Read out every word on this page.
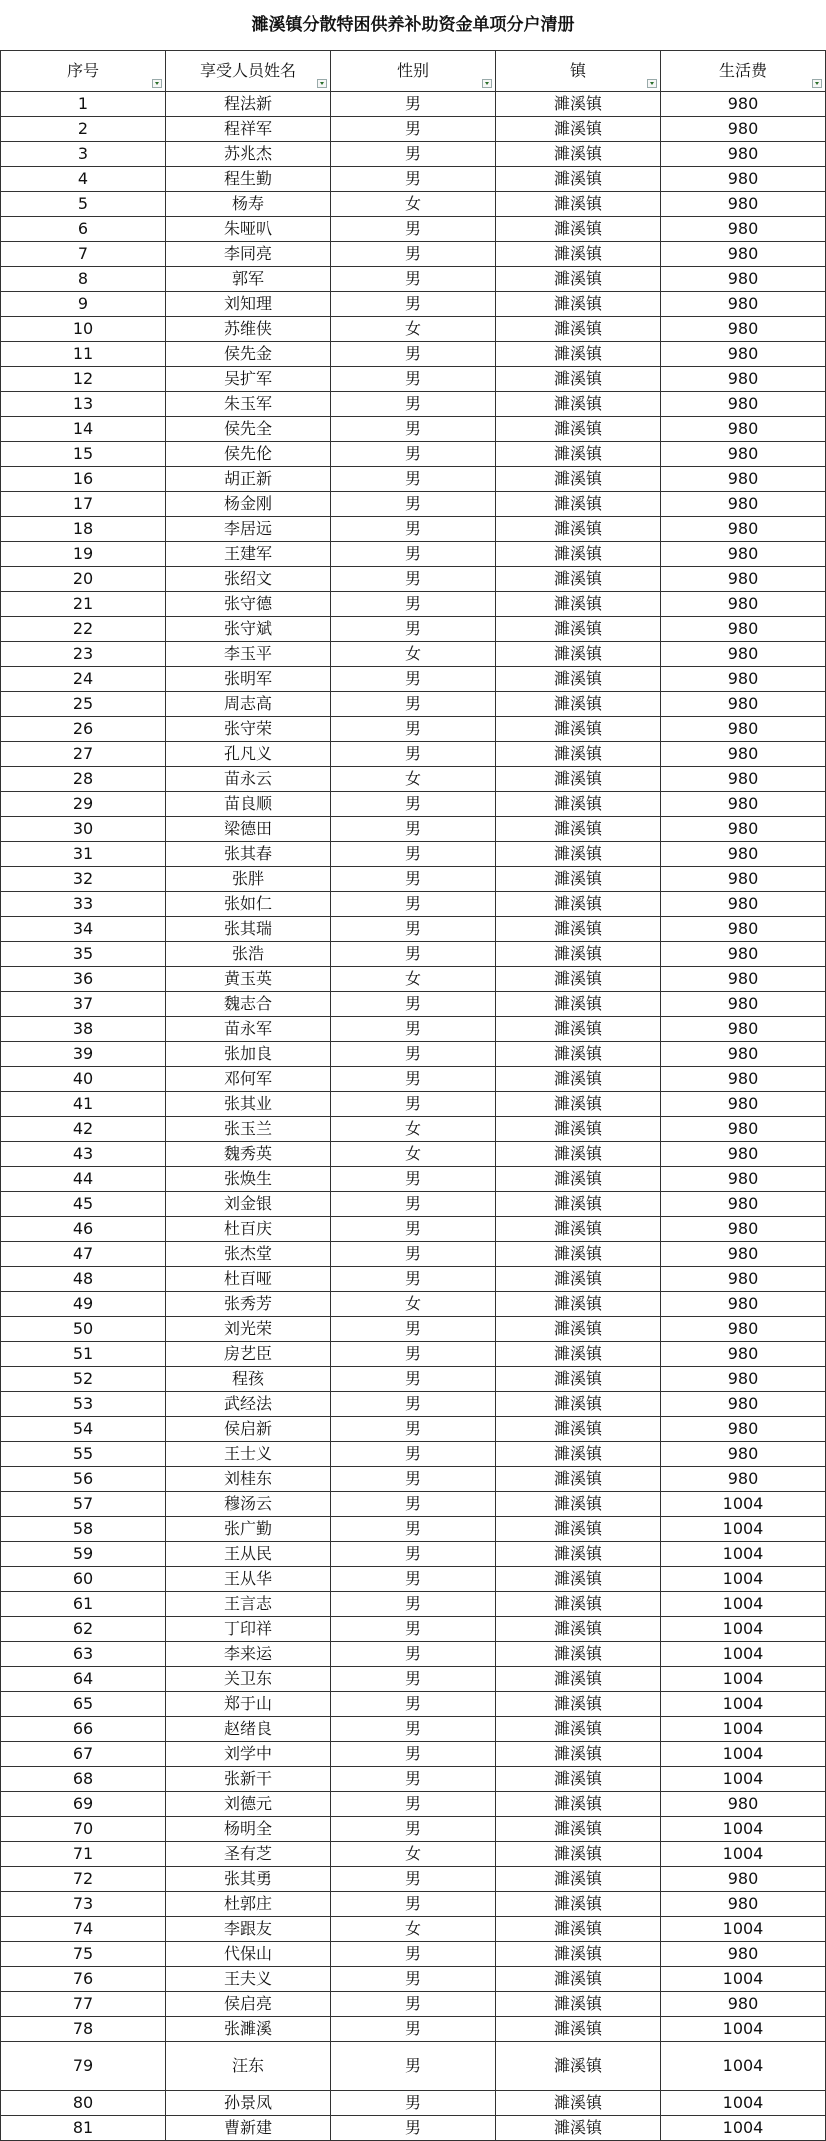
濉溪镇分散特困供养补助资金单项分户清册
序号	享受人员姓名	性别	镇	生活费

1	程法新	男	濉溪镇	980
2	程祥军	男	濉溪镇	980
3	苏兆杰	男	濉溪镇	980
4	程生勤	男	濉溪镇	980
5	杨寿	女	濉溪镇	980
6	朱哑叭	男	濉溪镇	980
7	李同亮	男	濉溪镇	980
8	郭军	男	濉溪镇	980
9	刘知理	男	濉溪镇	980
10	苏维侠	女	濉溪镇	980
11	侯先金	男	濉溪镇	980
12	吴扩军	男	濉溪镇	980
13	朱玉军	男	濉溪镇	980
14	侯先全	男	濉溪镇	980
15	侯先伦	男	濉溪镇	980
16	胡正新	男	濉溪镇	980
17	杨金刚	男	濉溪镇	980
18	李居远	男	濉溪镇	980
19	王建军	男	濉溪镇	980
20	张绍文	男	濉溪镇	980
21	张守德	男	濉溪镇	980
22	张守斌	男	濉溪镇	980
23	李玉平	女	濉溪镇	980
24	张明军	男	濉溪镇	980
25	周志高	男	濉溪镇	980
26	张守荣	男	濉溪镇	980
27	孔凡义	男	濉溪镇	980
28	苗永云	女	濉溪镇	980
29	苗良顺	男	濉溪镇	980
30	梁德田	男	濉溪镇	980
31	张其春	男	濉溪镇	980
32	张胖	男	濉溪镇	980
33	张如仁	男	濉溪镇	980
34	张其瑞	男	濉溪镇	980
35	张浩	男	濉溪镇	980
36	黄玉英	女	濉溪镇	980
37	魏志合	男	濉溪镇	980
38	苗永军	男	濉溪镇	980
39	张加良	男	濉溪镇	980
40	邓何军	男	濉溪镇	980
41	张其业	男	濉溪镇	980
42	张玉兰	女	濉溪镇	980
43	魏秀英	女	濉溪镇	980
44	张焕生	男	濉溪镇	980
45	刘金银	男	濉溪镇	980
46	杜百庆	男	濉溪镇	980
47	张杰堂	男	濉溪镇	980
48	杜百哑	男	濉溪镇	980
49	张秀芳	女	濉溪镇	980
50	刘光荣	男	濉溪镇	980
51	房艺臣	男	濉溪镇	980
52	程孩	男	濉溪镇	980
53	武经法	男	濉溪镇	980
54	侯启新	男	濉溪镇	980
55	王士义	男	濉溪镇	980
56	刘桂东	男	濉溪镇	980
57	穆汤云	男	濉溪镇	1004
58	张广勤	男	濉溪镇	1004
59	王从民	男	濉溪镇	1004
60	王从华	男	濉溪镇	1004
61	王言志	男	濉溪镇	1004
62	丁印祥	男	濉溪镇	1004
63	李来运	男	濉溪镇	1004
64	关卫东	男	濉溪镇	1004
65	郑于山	男	濉溪镇	1004
66	赵绪良	男	濉溪镇	1004
67	刘学中	男	濉溪镇	1004
68	张新干	男	濉溪镇	1004
69	刘德元	男	濉溪镇	980
70	杨明全	男	濉溪镇	1004
71	圣有芝	女	濉溪镇	1004
72	张其勇	男	濉溪镇	980
73	杜郭庄	男	濉溪镇	980
74	李跟友	女	濉溪镇	1004
75	代保山	男	濉溪镇	980
76	王夫义	男	濉溪镇	1004
77	侯启亮	男	濉溪镇	980
78	张濉溪	男	濉溪镇	1004
79	汪东	男	濉溪镇	1004
80	孙景凤	男	濉溪镇	1004
81	曹新建	男	濉溪镇	1004
